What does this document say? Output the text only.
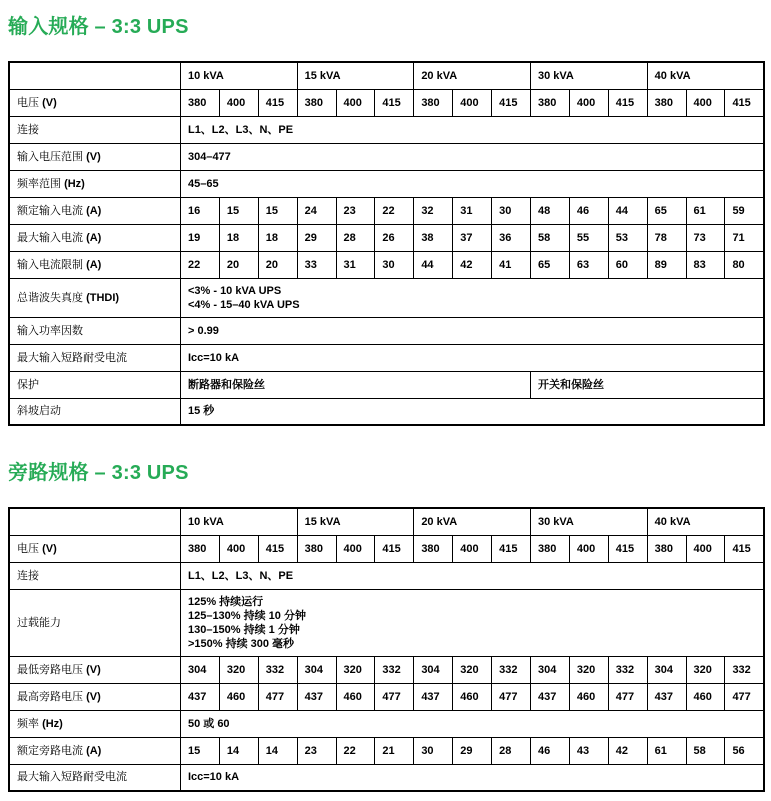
输入规格 – 3:3 UPS
	10 kVA			15 kVA			20 kVA			30 kVA			40 kVA		
电压 (V)	380	400	415	380	400	415	380	400	415	380	400	415	380	400	415
连接	L1、L2、L3、N、PE														

输入电压范围 (V)	304–477														

频率范围 (Hz)	45–65														

额定输入电流 (A)	16	15	15	24	23	22	32	31	30	48	46	44	65	61	59
最大输入电流 (A)	19	18	18	29	28	26	38	37	36	58	55	53	78	73	71
输入电流限制 (A)	22	20	20	33	31	30	44	42	41	65	63	60	89	83	80
总谐波失真度 (THDI)	<3% - 10 kVA UPS
<4% - 15–40 kVA UPS														

输入功率因数	> 0.99														

最大输入短路耐受电流	Icc=10 kA														

保护	断路器和保险丝									开关和保险丝					
斜坡启动	15 秒														
旁路规格 – 3:3 UPS
	10 kVA			15 kVA			20 kVA			30 kVA			40 kVA		
电压 (V)	380	400	415	380	400	415	380	400	415	380	400	415	380	400	415
连接	L1、L2、L3、N、PE														

过载能力	125% 持续运行
125–130% 持续 10 分钟
130–150% 持续 1 分钟
>150% 持续 300 毫秒														

最低旁路电压 (V)	304	320	332	304	320	332	304	320	332	304	320	332	304	320	332
最高旁路电压 (V)	437	460	477	437	460	477	437	460	477	437	460	477	437	460	477
频率 (Hz)	50 或 60														

额定旁路电流 (A)	15	14	14	23	22	21	30	29	28	46	43	42	61	58	56
最大输入短路耐受电流	Icc=10 kA														
